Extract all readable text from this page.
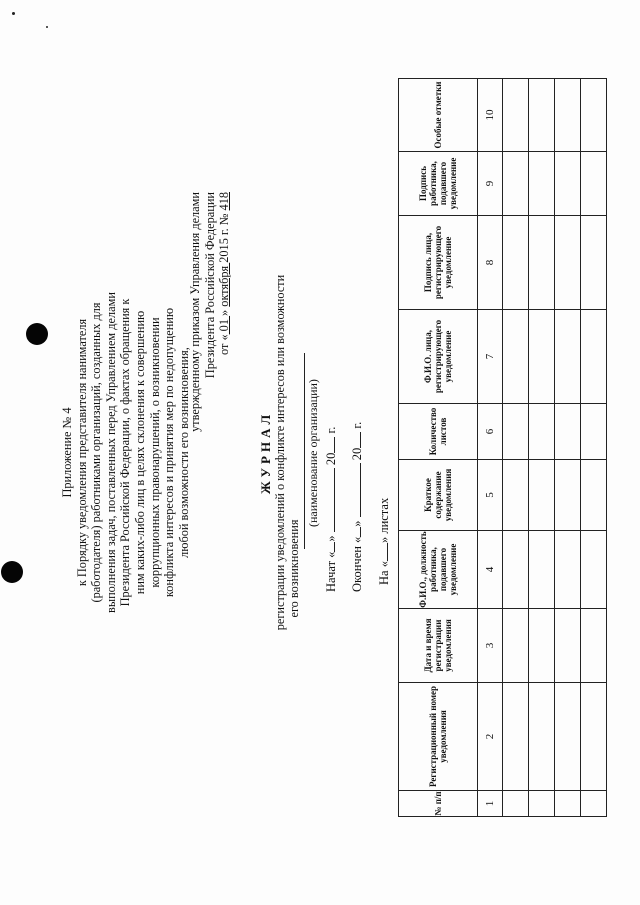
Приложение № 4 к Порядку уведомления представителя нанимателя (работодателя) работниками организаций, созданных для выполнения задач, поставленных перед Управлением делами Президента Российской Федерации, о фактах обращения к ним каких-либо лиц в целях склонения к совершению коррупционных правонарушений, о возникновении конфликта интересов и принятия мер по недопущению любой возможности его возникновения,
утвержденному приказом Управления делами Президента Российской Федерации от « 01 » октября 2015 г. № 418
ЖУРНАЛ регистрации уведомлений о конфликте интересов или возможности его возникновения
(наименование организации)
Начат «»  20 г.
Окончен «»  20 г.
На «» листах
№ п/п	Регистрационный номер уведомления	Дата и время регистрации уведомления	Ф.И.О., должность работника, подавшего уведомление	Краткое содержание уведомления	Количество листов	Ф.И.О. лица, регистрирующего уведомление	Подпись лица, регистрирующего уведомление	Подпись работника, подавшего уведомление	Особые отметки
1	2	3	4	5	6	7	8	9	10
